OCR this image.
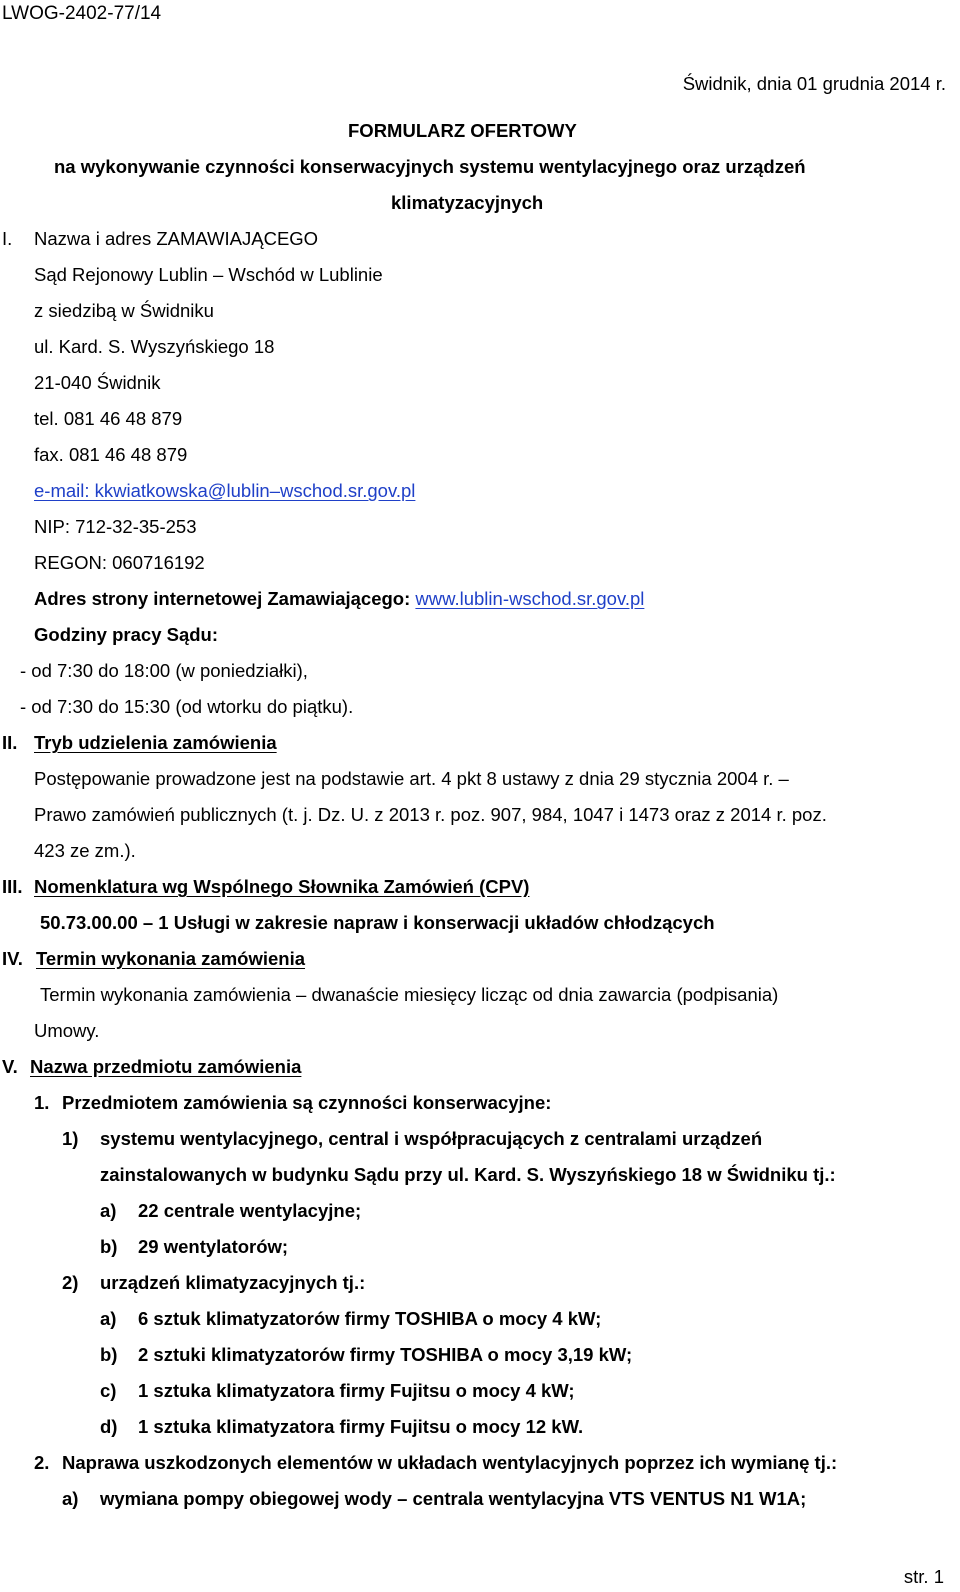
LWOG-2402-77/14
Świdnik, dnia 01 grudnia 2014 r.
FORMULARZ OFERTOWY
na wykonywanie czynności konserwacyjnych systemu wentylacyjnego oraz urządzeń
klimatyzacyjnych
I. Nazwa i adres ZAMAWIAJĄCEGO
Sąd Rejonowy Lublin – Wschód w Lublinie
z siedzibą w Świdniku
ul. Kard. S. Wyszyńskiego 18
21-040 Świdnik
tel. 081 46 48 879
fax. 081 46 48 879
e-mail: kkwiatkowska@lublin–wschod.sr.gov.pl
NIP: 712-32-35-253
REGON: 060716192
Adres strony internetowej Zamawiającego: www.lublin-wschod.sr.gov.pl
Godziny pracy Sądu:
- od 7:30 do 18:00 (w poniedziałki),
- od 7:30 do 15:30 (od wtorku do piątku).
II. Tryb udzielenia zamówienia
Postępowanie prowadzone jest na podstawie art. 4 pkt 8 ustawy z dnia 29 stycznia 2004 r. –
Prawo zamówień publicznych (t. j. Dz. U. z 2013 r. poz. 907, 984, 1047 i 1473 oraz z 2014 r. poz.
423 ze zm.).
III. Nomenklatura wg Wspólnego Słownika Zamówień (CPV)
50.73.00.00 – 1 Usługi w zakresie napraw i konserwacji układów chłodzących
IV. Termin wykonania zamówienia
Termin wykonania zamówienia – dwanaście miesięcy licząc od dnia zawarcia (podpisania)
Umowy.
V. Nazwa przedmiotu zamówienia
1. Przedmiotem zamówienia są czynności konserwacyjne:
1) systemu wentylacyjnego, central i współpracujących z centralami urządzeń
zainstalowanych w budynku Sądu przy ul. Kard. S. Wyszyńskiego 18 w Świdniku tj.:
a) 22 centrale wentylacyjne;
b) 29 wentylatorów;
2) urządzeń klimatyzacyjnych tj.:
a) 6 sztuk klimatyzatorów firmy TOSHIBA o mocy 4 kW;
b) 2 sztuki klimatyzatorów firmy TOSHIBA o mocy 3,19 kW;
c) 1 sztuka klimatyzatora firmy Fujitsu o mocy 4 kW;
d) 1 sztuka klimatyzatora firmy Fujitsu o mocy 12 kW.
2. Naprawa uszkodzonych elementów w układach wentylacyjnych poprzez ich wymianę tj.:
a) wymiana pompy obiegowej wody – centrala wentylacyjna VTS VENTUS N1 W1A;
str. 1
